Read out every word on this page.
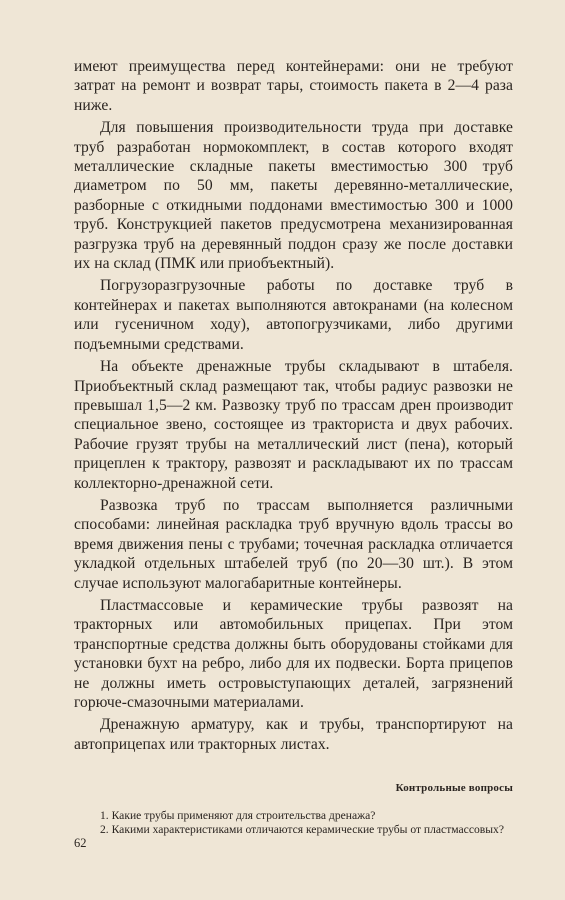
имеют преимущества перед контейнерами: они не требуют затрат на ремонт и возврат тары, стоимость пакета в 2—4 раза ниже.

Для повышения производительности труда при доставке труб разработан нормокомплект, в состав которого входят металлические складные пакеты вместимостью 300 труб диаметром по 50 мм, пакеты деревянно-металлические, разборные с откидными поддонами вместимостью 300 и 1000 труб. Конструкцией пакетов предусмотрена механизированная разгрузка труб на деревянный поддон сразу же после доставки их на склад (ПМК или приобъектный).

Погрузоразгрузочные работы по доставке труб в контейнерах и пакетах выполняются автокранами (на колесном или гусеничном ходу), автопогрузчиками, либо другими подъемными средствами.

На объекте дренажные трубы складывают в штабеля. Приобъектный склад размещают так, чтобы радиус развозки не превышал 1,5—2 км. Развозку труб по трассам дрен производит специальное звено, состоящее из тракториста и двух рабочих. Рабочие грузят трубы на металлический лист (пена), который прицеплен к трактору, развозят и раскладывают их по трассам коллекторно-дренажной сети.

Развозка труб по трассам выполняется различными способами: линейная раскладка труб вручную вдоль трассы во время движения пены с трубами; точечная раскладка отличается укладкой отдельных штабелей труб (по 20—30 шт.). В этом случае используют малогабаритные контейнеры.

Пластмассовые и керамические трубы развозят на тракторных или автомобильных прицепах. При этом транспортные средства должны быть оборудованы стойками для установки бухт на ребро, либо для их подвески. Борта прицепов не должны иметь островыступающих деталей, загрязнений горюче-смазочными материалами.

Дренажную арматуру, как и трубы, транспортируют на автоприцепах или тракторных листах.

Контрольные вопросы

1. Какие трубы применяют для строительства дренажа?

2. Какими характеристиками отличаются керамические трубы от пластмассовых?

62
